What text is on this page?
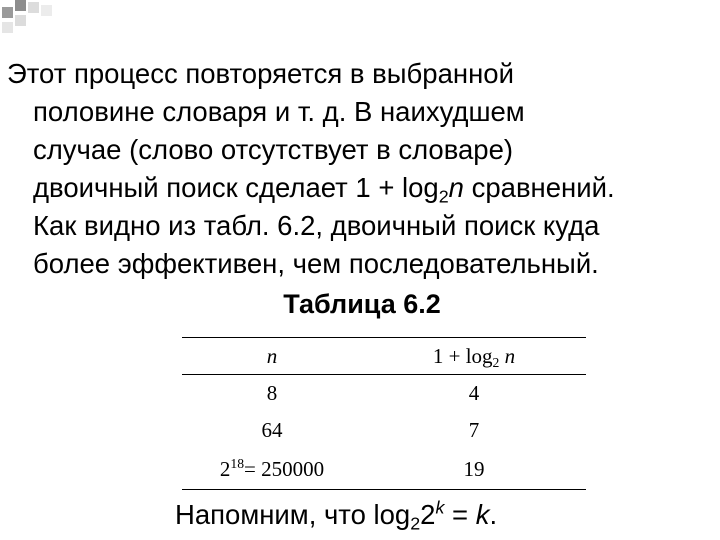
Этот процесс повторяется в выбранной
половине словаря и т. д. В наихудшем
случае (слово отсутствует в словаре)
двоичный поиск сделает $1 + \log_2n$ сравнений.
Как видно из табл. 6.2, двоичный поиск куда
более эффективен, чем последовательный.
Таблица 6.2
n	$1 + \log_2 n$
8	4
64	7
$2^{18}= 250000$	19
Напомним, что $\log_22^k = k$.
